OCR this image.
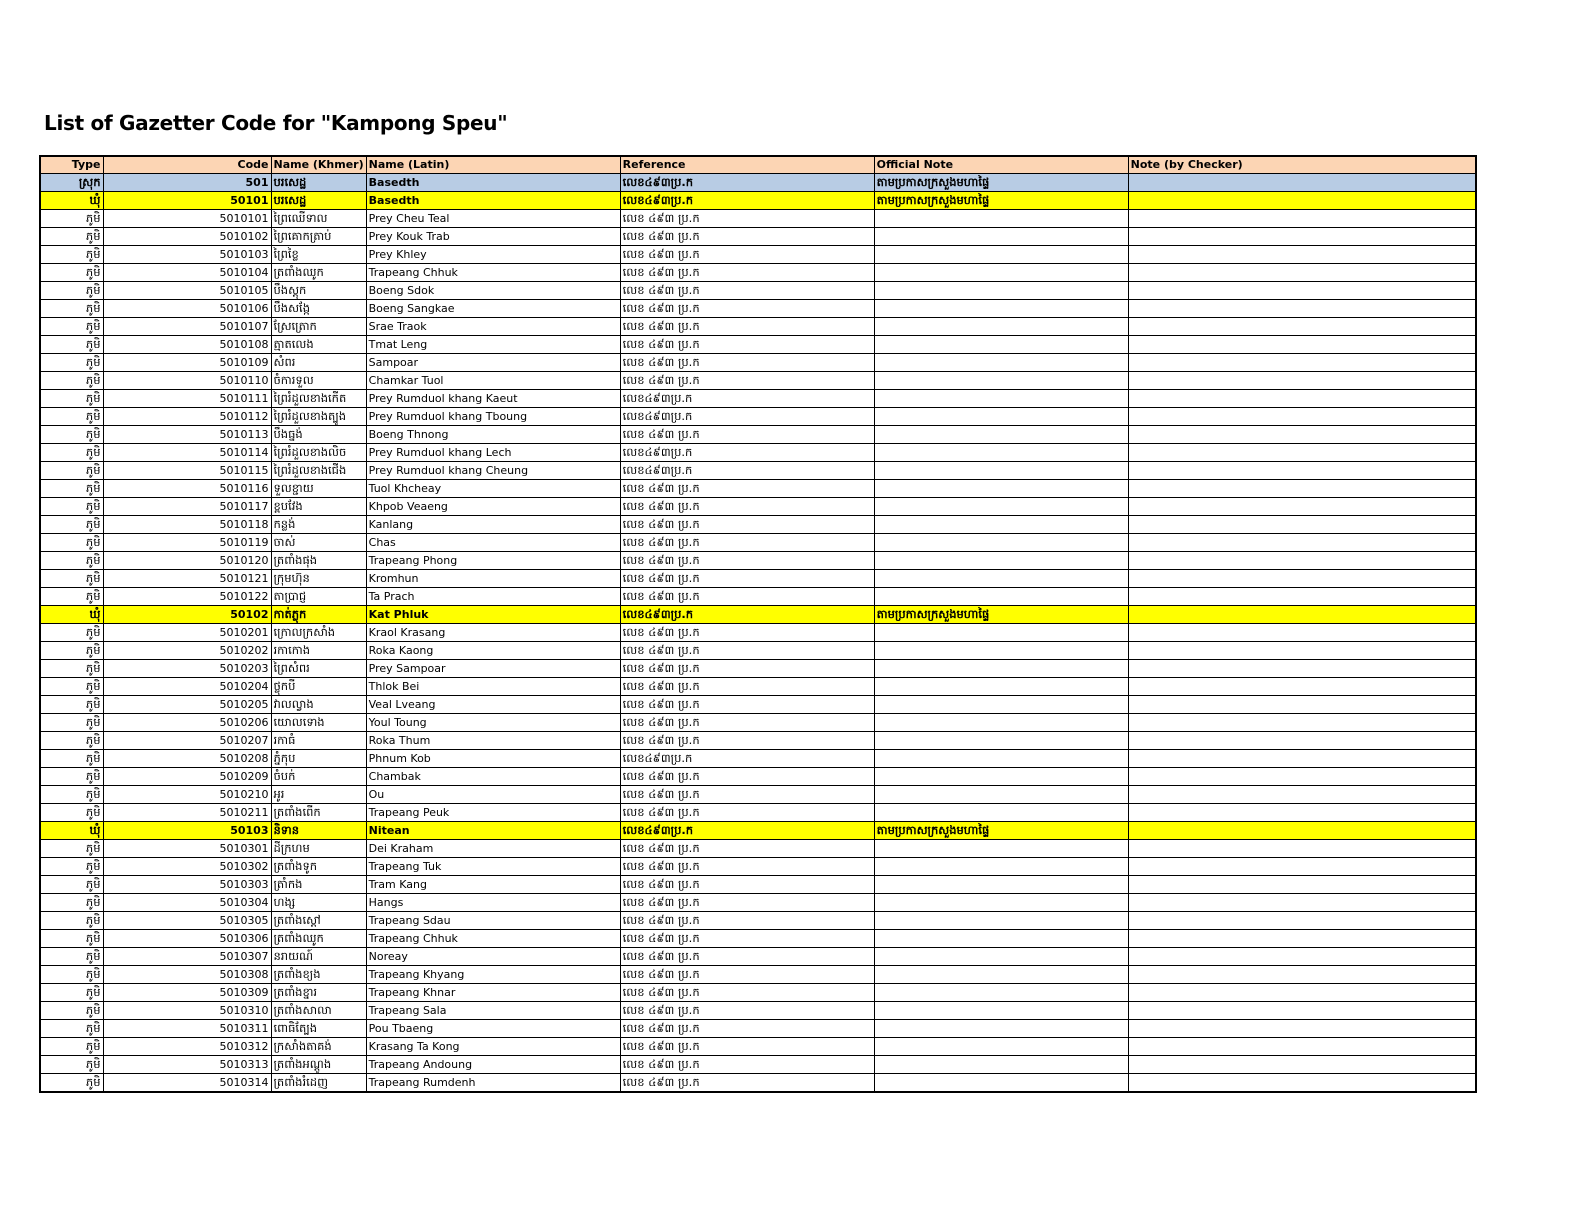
List of Gazetter Code for "Kampong Speu"
Type	Code	Name (Khmer)	Name (Latin)	Reference	Official Note	Note (by Checker)
ស្រុក	501	បរសេដ្ឋ	Basedth	លេខ៤៩៣ប្រ.ក	តាមប្រកាសក្រសួងមហាផ្ទៃ	
ឃុំ	50101	បរសេដ្ឋ	Basedth	លេខ៤៩៣ប្រ.ក	តាមប្រកាសក្រសួងមហាផ្ទៃ	
ភូមិ	5010101	ព្រៃឈើទាល	Prey Cheu Teal	លេខ ៤៩៣ ប្រ.ក		
ភូមិ	5010102	ព្រៃគោកត្រាប់	Prey Kouk Trab	លេខ ៤៩៣ ប្រ.ក		
ភូមិ	5010103	ព្រៃខ្លៃ	Prey Khley	លេខ ៤៩៣ ប្រ.ក		
ភូមិ	5010104	ត្រពាំងឈូក	Trapeang Chhuk	លេខ ៤៩៣ ប្រ.ក		
ភូមិ	5010105	បឹងស្ដុក	Boeng Sdok	លេខ ៤៩៣ ប្រ.ក		
ភូមិ	5010106	បឹងសង្កែ	Boeng Sangkae	លេខ ៤៩៣ ប្រ.ក		
ភូមិ	5010107	ស្រែត្រោក	Srae Traok	លេខ ៤៩៣ ប្រ.ក		
ភូមិ	5010108	ត្មាតលេង	Tmat Leng	លេខ ៤៩៣ ប្រ.ក		
ភូមិ	5010109	សំពរ	Sampoar	លេខ ៤៩៣ ប្រ.ក		
ភូមិ	5010110	ចំការទួល	Chamkar Tuol	លេខ ៤៩៣ ប្រ.ក		
ភូមិ	5010111	ព្រៃរំដួលខាងកើត	Prey Rumduol khang Kaeut	លេខ៤៩៣ប្រ.ក		
ភូមិ	5010112	ព្រៃរំដួលខាងត្បូង	Prey Rumduol khang Tboung	លេខ៤៩៣ប្រ.ក		
ភូមិ	5010113	បឹងធ្នង់	Boeng Thnong	លេខ ៤៩៣ ប្រ.ក		
ភូមិ	5010114	ព្រៃរំដួលខាងលិច	Prey Rumduol khang Lech	លេខ៤៩៣ប្រ.ក		
ភូមិ	5010115	ព្រៃរំដួលខាងជើង	Prey Rumduol khang Cheung	លេខ៤៩៣ប្រ.ក		
ភូមិ	5010116	ទួលខ្ជាយ	Tuol Khcheay	លេខ ៤៩៣ ប្រ.ក		
ភូមិ	5010117	ខ្ពបវែង	Khpob Veaeng	លេខ ៤៩៣ ប្រ.ក		
ភូមិ	5010118	កន្លង់	Kanlang	លេខ ៤៩៣ ប្រ.ក		
ភូមិ	5010119	ចាស់	Chas	លេខ ៤៩៣ ប្រ.ក		
ភូមិ	5010120	ត្រពាំងផុង	Trapeang Phong	លេខ ៤៩៣ ប្រ.ក		
ភូមិ	5010121	ក្រុមហ៊ុន	Kromhun	លេខ ៤៩៣ ប្រ.ក		
ភូមិ	5010122	តាប្រាជ្ញ	Ta Prach	លេខ ៤៩៣ ប្រ.ក		
ឃុំ	50102	កាត់ភ្លុក	Kat Phluk	លេខ៤៩៣ប្រ.ក	តាមប្រកាសក្រសួងមហាផ្ទៃ	
ភូមិ	5010201	ក្រោលក្រសាំង	Kraol Krasang	លេខ ៤៩៣ ប្រ.ក		
ភូមិ	5010202	រកាកោង	Roka Kaong	លេខ ៤៩៣ ប្រ.ក		
ភូមិ	5010203	ព្រៃសំពរ	Prey Sampoar	លេខ ៤៩៣ ប្រ.ក		
ភូមិ	5010204	ថ្លុកបី	Thlok Bei	លេខ ៤៩៣ ប្រ.ក		
ភូមិ	5010205	វាលល្វាង	Veal Lveang	លេខ ៤៩៣ ប្រ.ក		
ភូមិ	5010206	យោលទោង	Youl Toung	លេខ ៤៩៣ ប្រ.ក		
ភូមិ	5010207	រកាធំ	Roka Thum	លេខ ៤៩៣ ប្រ.ក		
ភូមិ	5010208	ភ្នំកុប	Phnum Kob	លេខ៤៩៣ប្រ.ក		
ភូមិ	5010209	ចំបក់	Chambak	លេខ ៤៩៣ ប្រ.ក		
ភូមិ	5010210	អូរ	Ou	លេខ ៤៩៣ ប្រ.ក		
ភូមិ	5010211	ត្រពាំងពើក	Trapeang Peuk	លេខ ៤៩៣ ប្រ.ក		
ឃុំ	50103	និទាន	Nitean	លេខ៤៩៣ប្រ.ក	តាមប្រកាសក្រសួងមហាផ្ទៃ	
ភូមិ	5010301	ដីក្រហម	Dei Kraham	លេខ ៤៩៣ ប្រ.ក		
ភូមិ	5010302	ត្រពាំងទូក	Trapeang Tuk	លេខ ៤៩៣ ប្រ.ក		
ភូមិ	5010303	ត្រាំកង	Tram Kang	លេខ ៤៩៣ ប្រ.ក		
ភូមិ	5010304	ហង្ស	Hangs	លេខ ៤៩៣ ប្រ.ក		
ភូមិ	5010305	ត្រពាំងស្ដៅ	Trapeang Sdau	លេខ ៤៩៣ ប្រ.ក		
ភូមិ	5010306	ត្រពាំងឈូក	Trapeang Chhuk	លេខ ៤៩៣ ប្រ.ក		
ភូមិ	5010307	នរាយណ៍	Noreay	លេខ ៤៩៣ ប្រ.ក		
ភូមិ	5010308	ត្រពាំងខ្យង	Trapeang Khyang	លេខ ៤៩៣ ប្រ.ក		
ភូមិ	5010309	ត្រពាំងខ្នារ	Trapeang Khnar	លេខ ៤៩៣ ប្រ.ក		
ភូមិ	5010310	ត្រពាំងសាលា	Trapeang Sala	លេខ ៤៩៣ ប្រ.ក		
ភូមិ	5010311	ពោធិត្បែង	Pou Tbaeng	លេខ ៤៩៣ ប្រ.ក		
ភូមិ	5010312	ក្រសាំងតាគង់	Krasang Ta Kong	លេខ ៤៩៣ ប្រ.ក		
ភូមិ	5010313	ត្រពាំងអណ្ដូង	Trapeang Andoung	លេខ ៤៩៣ ប្រ.ក		
ភូមិ	5010314	ត្រពាំងរំដេញ	Trapeang Rumdenh	លេខ ៤៩៣ ប្រ.ក		
